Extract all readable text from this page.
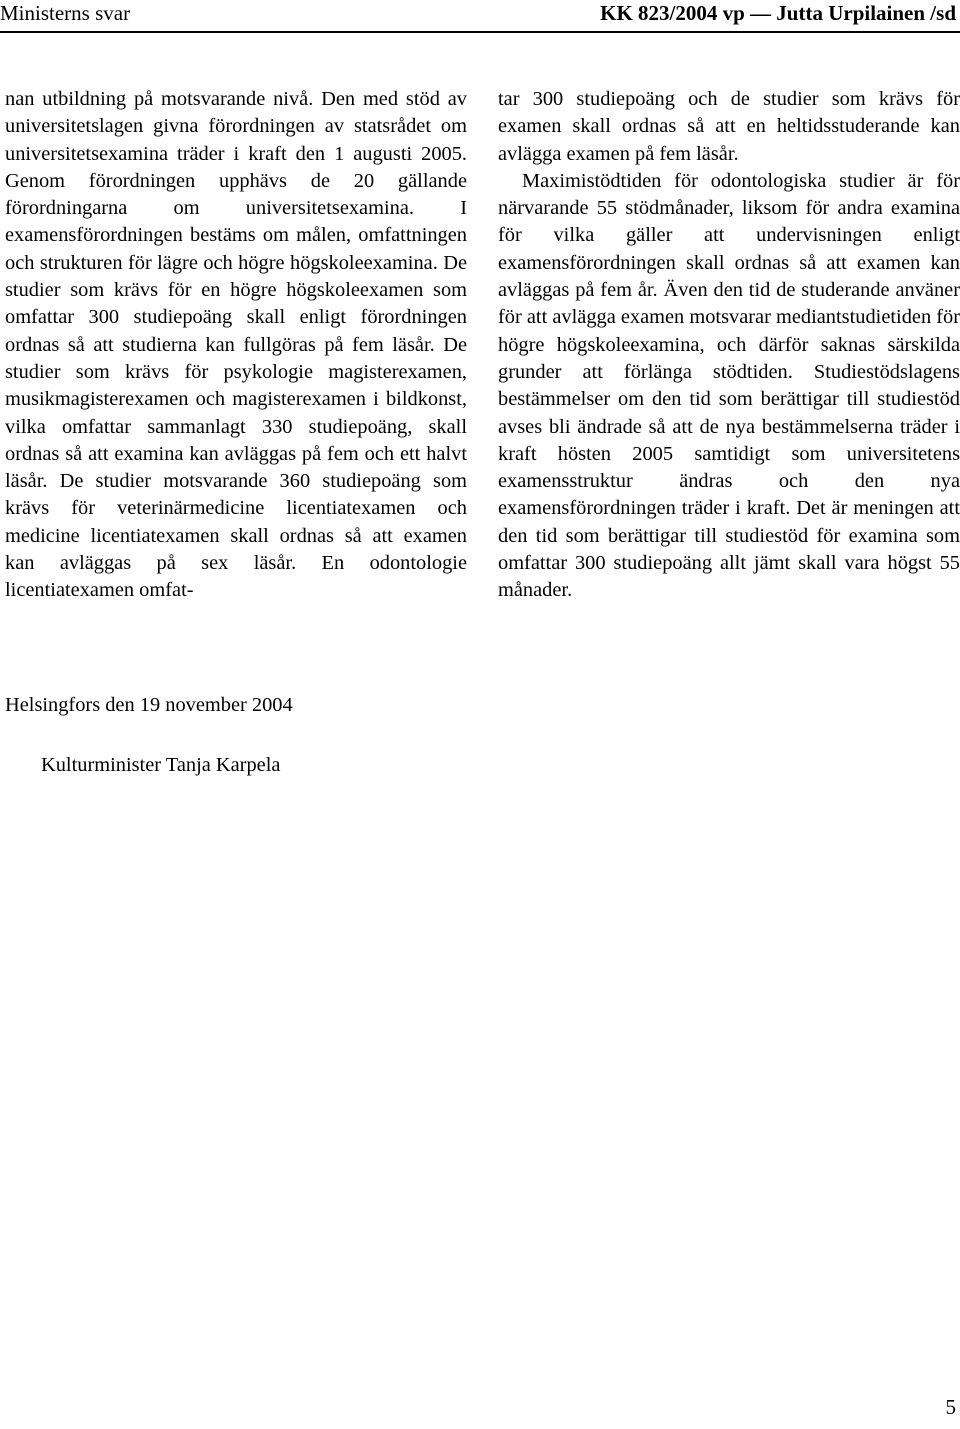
Ministerns svar	KK 823/2004 vp — Jutta Urpilainen /sd

nan utbildning på motsvarande nivå. Den med stöd av universitetslagen givna förordningen av statsrådet om universitetsexamina träder i kraft den 1 augusti 2005. Genom förordningen upphävs de 20 gällande förordningarna om universitetsexamina. I examensförordningen bestäms om målen, omfattningen och strukturen för lägre och högre högskoleexamina. De studier som krävs för en högre högskoleexamen som omfattar 300 studiepoäng skall enligt förordningen ordnas så att studierna kan fullgöras på fem läsår. De studier som krävs för psykologie magisterexamen, musikmagisterexamen och magisterexamen i bildkonst, vilka omfattar sammanlagt 330 studiepoäng, skall ordnas så att examina kan avläggas på fem och ett halvt läsår. De studier motsvarande 360 studiepoäng som krävs för veterinärmedicine licentiatexamen och medicine licentiatexamen skall ordnas så att examen kan avläggas på sex läsår. En odontologie licentiatexamen omfat-

tar 300 studiepoäng och de studier som krävs för examen skall ordnas så att en heltidsstuderande kan avlägga examen på fem läsår.

Maximistödtiden för odontologiska studier är för närvarande 55 stödmånader, liksom för andra examina för vilka gäller att undervisningen enligt examensförordningen skall ordnas så att examen kan avläggas på fem år. Även den tid de studerande använer för att avlägga examen motsvarar mediantstudietiden för högre högskoleexamina, och därför saknas särskilda grunder att förlänga stödtiden. Studiestödslagens bestämmelser om den tid som berättigar till studiestöd avses bli ändrade så att de nya bestämmelserna träder i kraft hösten 2005 samtidigt som universitetens examensstruktur ändras och den nya examensförordningen träder i kraft. Det är meningen att den tid som berättigar till studiestöd för examina som omfattar 300 studiepoäng allt jämt skall vara högst 55 månader.

Helsingfors den 19 november 2004
Kulturminister Tanja Karpela
5
